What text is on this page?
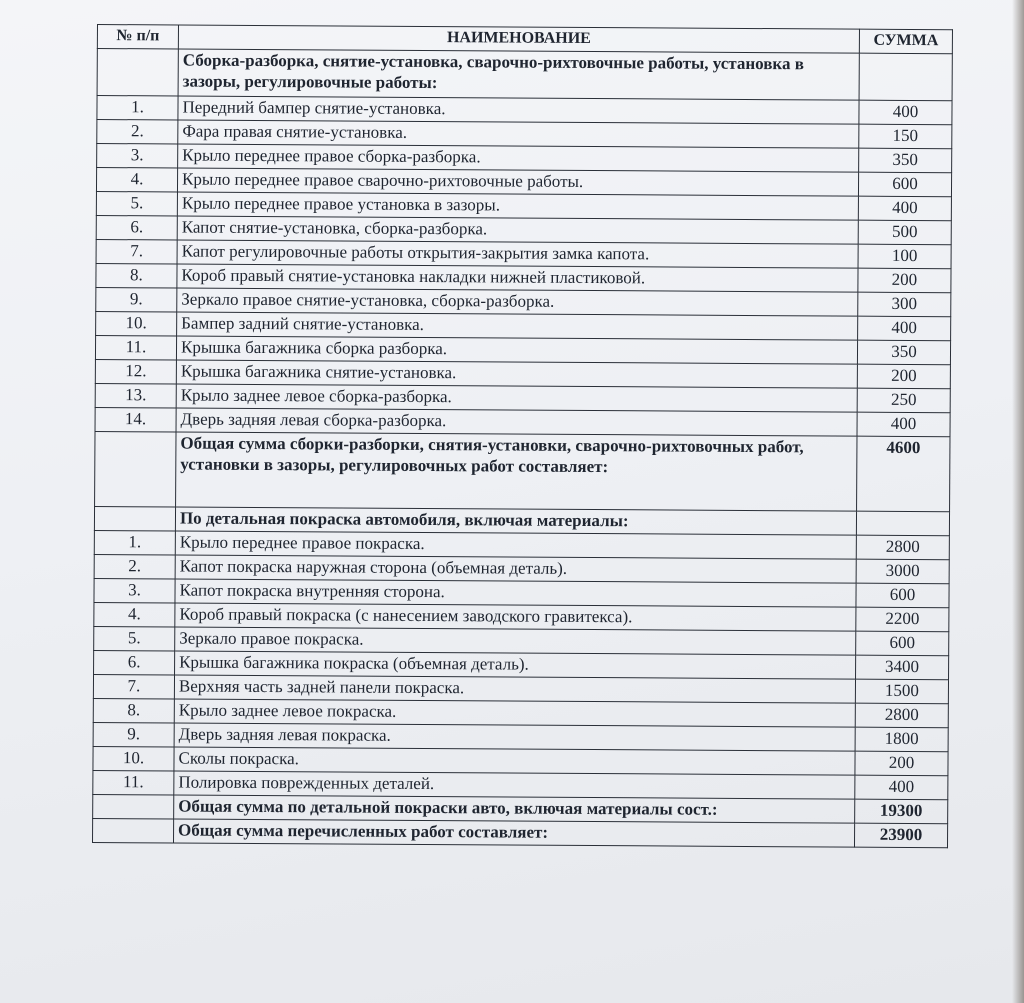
№ п/п	НАИМЕНОВАНИЕ	СУММА
	Сборка-разборка, снятие-установка, сварочно-рихтовочные работы, установка в зазоры, регулировочные работы:	
1.	Передний бампер снятие-установка.	400
2.	Фара правая снятие-установка.	150
3.	Крыло переднее правое сборка-разборка.	350
4.	Крыло переднее правое сварочно-рихтовочные работы.	600
5.	Крыло переднее правое установка в зазоры.	400
6.	Капот снятие-установка, сборка-разборка.	500
7.	Капот регулировочные работы открытия-закрытия замка капота.	100
8.	Короб правый снятие-установка накладки нижней пластиковой.	200
9.	Зеркало правое снятие-установка, сборка-разборка.	300
10.	Бампер задний снятие-установка.	400
11.	Крышка багажника сборка разборка.	350
12.	Крышка багажника снятие-установка.	200
13.	Крыло заднее левое сборка-разборка.	250
14.	Дверь задняя левая сборка-разборка.	400
	Общая сумма сборки-разборки, снятия-установки, сварочно-рихтовочных работ, установки в зазоры, регулировочных работ составляет:	4600
	По детальная покраска автомобиля, включая материалы:	
1.	Крыло переднее правое покраска.	2800
2.	Капот покраска наружная сторона (объемная деталь).	3000
3.	Капот покраска внутренняя сторона.	600
4.	Короб правый покраска (с нанесением заводского гравитекса).	2200
5.	Зеркало правое покраска.	600
6.	Крышка багажника покраска (объемная деталь).	3400
7.	Верхняя часть задней панели покраска.	1500
8.	Крыло заднее левое покраска.	2800
9.	Дверь задняя левая покраска.	1800
10.	Сколы покраска.	200
11.	Полировка поврежденных деталей.	400
	Общая сумма по детальной покраски авто, включая материалы сост.:	19300
	Общая сумма перечисленных работ составляет:	23900
